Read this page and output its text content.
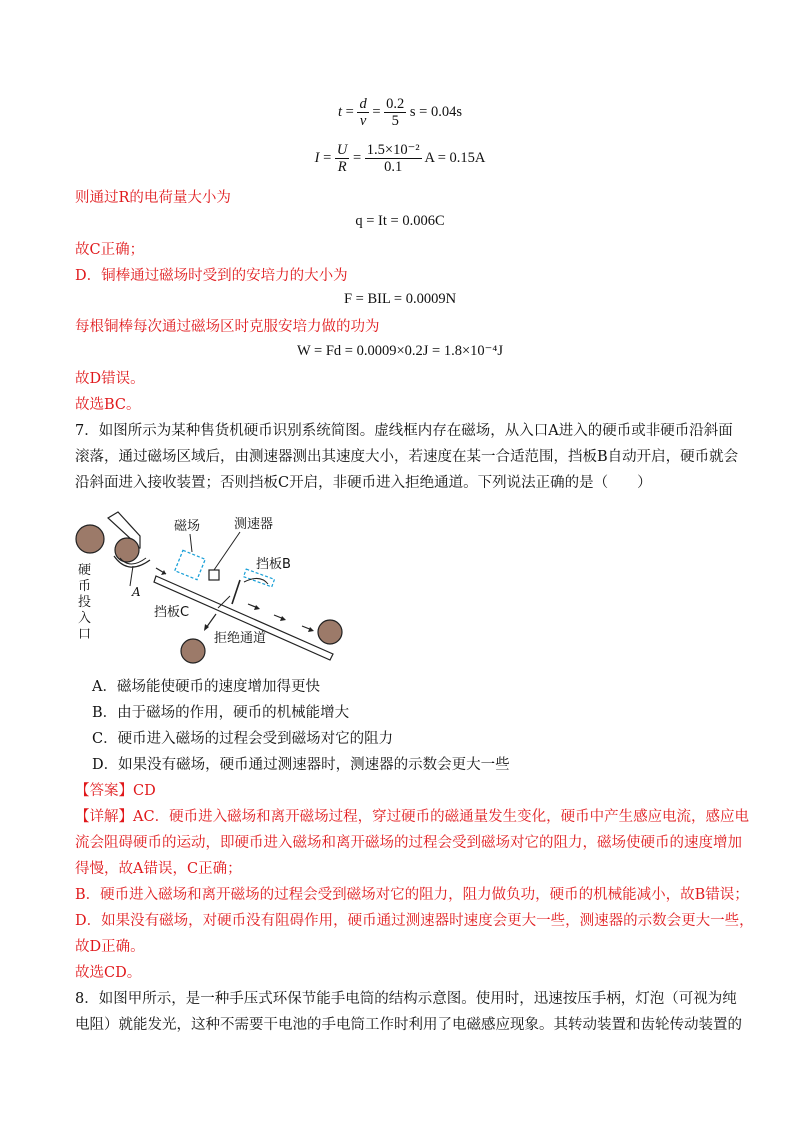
$t = \frac{d}{v} = \frac{0.2}{5}$ s = 0.04s
$I = \frac{U}{R} = \frac{\text{1.5×10⁻²}}{0.1}$ A = 0.15A
则通过R的电荷量大小为
q = It = 0.006C
故C正确；
D．铜棒通过磁场时受到的安培力的大小为
F = BIL = 0.0009N
每根铜棒每次通过磁场区时克服安培力做的功为
W = Fd = 0.0009×0.2J = 1.8×10⁻⁴J
故D错误。
故选BC。
7．如图所示为某种售货机硬币识别系统简图。虚线框内存在磁场，从入口A进入的硬币或非硬币沿斜面
滚落，通过磁场区域后，由测速器测出其速度大小，若速度在某一合适范围，挡板B自动开启，硬币就会
沿斜面进入接收装置；否则挡板C开启，非硬币进入拒绝通道。下列说法正确的是（　　）
磁场	测速器
挡板B
挡板C
拒绝通道
A
硬
币
投
入
口
A．磁场能使硬币的速度增加得更快
B．由于磁场的作用，硬币的机械能增大
C．硬币进入磁场的过程会受到磁场对它的阻力
D．如果没有磁场，硬币通过测速器时，测速器的示数会更大一些
【答案】CD
【详解】AC．硬币进入磁场和离开磁场过程，穿过硬币的磁通量发生变化，硬币中产生感应电流，感应电
流会阻碍硬币的运动，即硬币进入磁场和离开磁场的过程会受到磁场对它的阻力，磁场使硬币的速度增加
得慢，故A错误，C正确；
B．硬币进入磁场和离开磁场的过程会受到磁场对它的阻力，阻力做负功，硬币的机械能减小，故B错误；
D．如果没有磁场，对硬币没有阻碍作用，硬币通过测速器时速度会更大一些，测速器的示数会更大一些，
故D正确。
故选CD。
8．如图甲所示，是一种手压式环保节能手电筒的结构示意图。使用时，迅速按压手柄，灯泡（可视为纯
电阻）就能发光，这种不需要干电池的手电筒工作时利用了电磁感应现象。其转动装置和齿轮传动装置的
